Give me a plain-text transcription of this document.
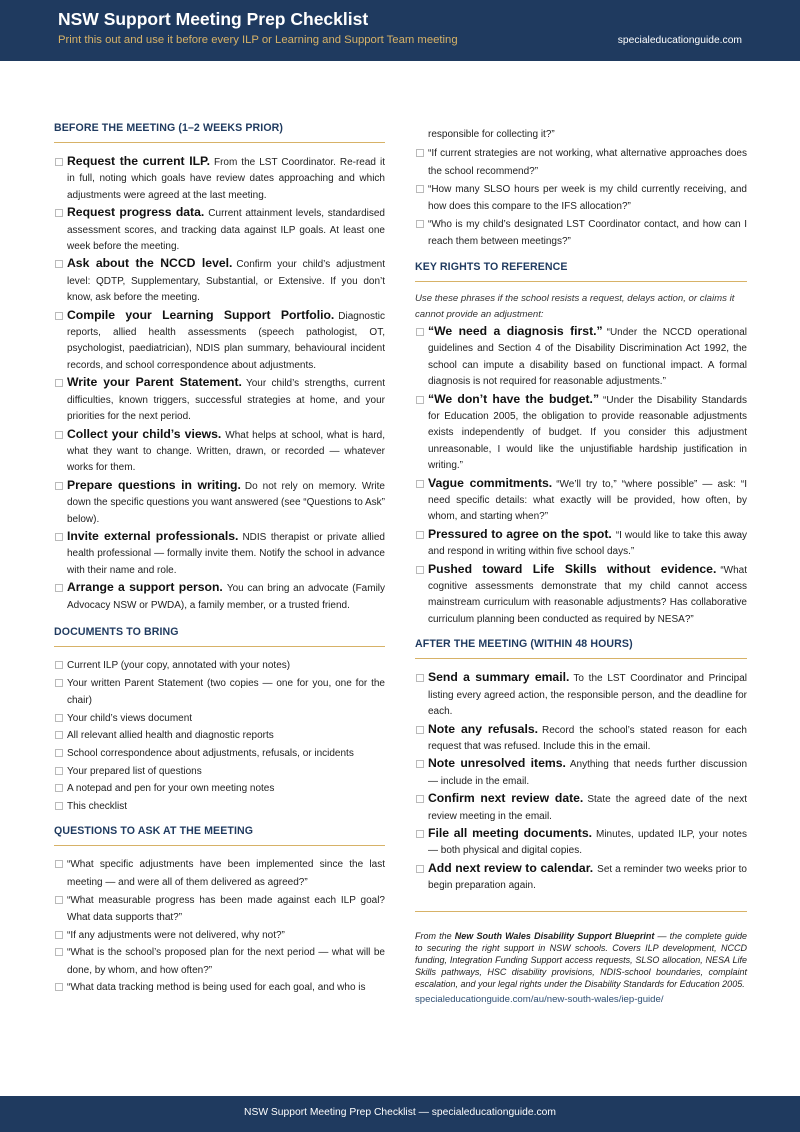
NSW Support Meeting Prep Checklist
Print this out and use it before every ILP or Learning and Support Team meeting	specialeducationguide.com
BEFORE THE MEETING (1–2 WEEKS PRIOR)
Request the current ILP. From the LST Coordinator. Re-read it in full, noting which goals have review dates approaching and which adjustments were agreed at the last meeting.
Request progress data. Current attainment levels, standardised assessment scores, and tracking data against ILP goals. At least one week before the meeting.
Ask about the NCCD level. Confirm your child’s adjustment level: QDTP, Supplementary, Substantial, or Extensive. If you don’t know, ask before the meeting.
Compile your Learning Support Portfolio. Diagnostic reports, allied health assessments (speech pathologist, OT, psychologist, paediatrician), NDIS plan summary, behavioural incident records, and school correspondence about adjustments.
Write your Parent Statement. Your child’s strengths, current difficulties, known triggers, successful strategies at home, and your priorities for the next period.
Collect your child’s views. What helps at school, what is hard, what they want to change. Written, drawn, or recorded — whatever works for them.
Prepare questions in writing. Do not rely on memory. Write down the specific questions you want answered (see “Questions to Ask” below).
Invite external professionals. NDIS therapist or private allied health professional — formally invite them. Notify the school in advance with their name and role.
Arrange a support person. You can bring an advocate (Family Advocacy NSW or PWDA), a family member, or a trusted friend.
DOCUMENTS TO BRING
Current ILP (your copy, annotated with your notes)
Your written Parent Statement (two copies — one for you, one for the chair)
Your child’s views document
All relevant allied health and diagnostic reports
School correspondence about adjustments, refusals, or incidents
Your prepared list of questions
A notepad and pen for your own meeting notes
This checklist
QUESTIONS TO ASK AT THE MEETING
“What specific adjustments have been implemented since the last meeting — and were all of them delivered as agreed?”
“What measurable progress has been made against each ILP goal? What data supports that?”
“If any adjustments were not delivered, why not?”
“What is the school’s proposed plan for the next period — what will be done, by whom, and how often?”
“What data tracking method is being used for each goal, and who is
responsible for collecting it?”
“If current strategies are not working, what alternative approaches does the school recommend?”
“How many SLSO hours per week is my child currently receiving, and how does this compare to the IFS allocation?”
“Who is my child’s designated LST Coordinator contact, and how can I reach them between meetings?”
KEY RIGHTS TO REFERENCE
Use these phrases if the school resists a request, delays action, or claims it cannot provide an adjustment:
“We need a diagnosis first.” “Under the NCCD operational guidelines and Section 4 of the Disability Discrimination Act 1992, the school can impute a disability based on functional impact. A formal diagnosis is not required for reasonable adjustments.”
“We don’t have the budget.” “Under the Disability Standards for Education 2005, the obligation to provide reasonable adjustments exists independently of budget. If you consider this adjustment unreasonable, I would like the unjustifiable hardship justification in writing.”
Vague commitments. “We’ll try to,” “where possible” — ask: “I need specific details: what exactly will be provided, how often, by whom, and starting when?”
Pressured to agree on the spot. “I would like to take this away and respond in writing within five school days.”
Pushed toward Life Skills without evidence. “What cognitive assessments demonstrate that my child cannot access mainstream curriculum with reasonable adjustments? Has collaborative curriculum planning been conducted as required by NESA?”
AFTER THE MEETING (WITHIN 48 HOURS)
Send a summary email. To the LST Coordinator and Principal listing every agreed action, the responsible person, and the deadline for each.
Note any refusals. Record the school’s stated reason for each request that was refused. Include this in the email.
Note unresolved items. Anything that needs further discussion — include in the email.
Confirm next review date. State the agreed date of the next review meeting in the email.
File all meeting documents. Minutes, updated ILP, your notes — both physical and digital copies.
Add next review to calendar. Set a reminder two weeks prior to begin preparation again.
From the New South Wales Disability Support Blueprint — the complete guide to securing the right support in NSW schools. Covers ILP development, NCCD funding, Integration Funding Support access requests, SLSO allocation, NESA Life Skills pathways, HSC disability provisions, NDIS-school boundaries, complaint escalation, and your legal rights under the Disability Standards for Education 2005.
specialeducationguide.com/au/new-south-wales/iep-guide/
NSW Support Meeting Prep Checklist — specialeducationguide.com
